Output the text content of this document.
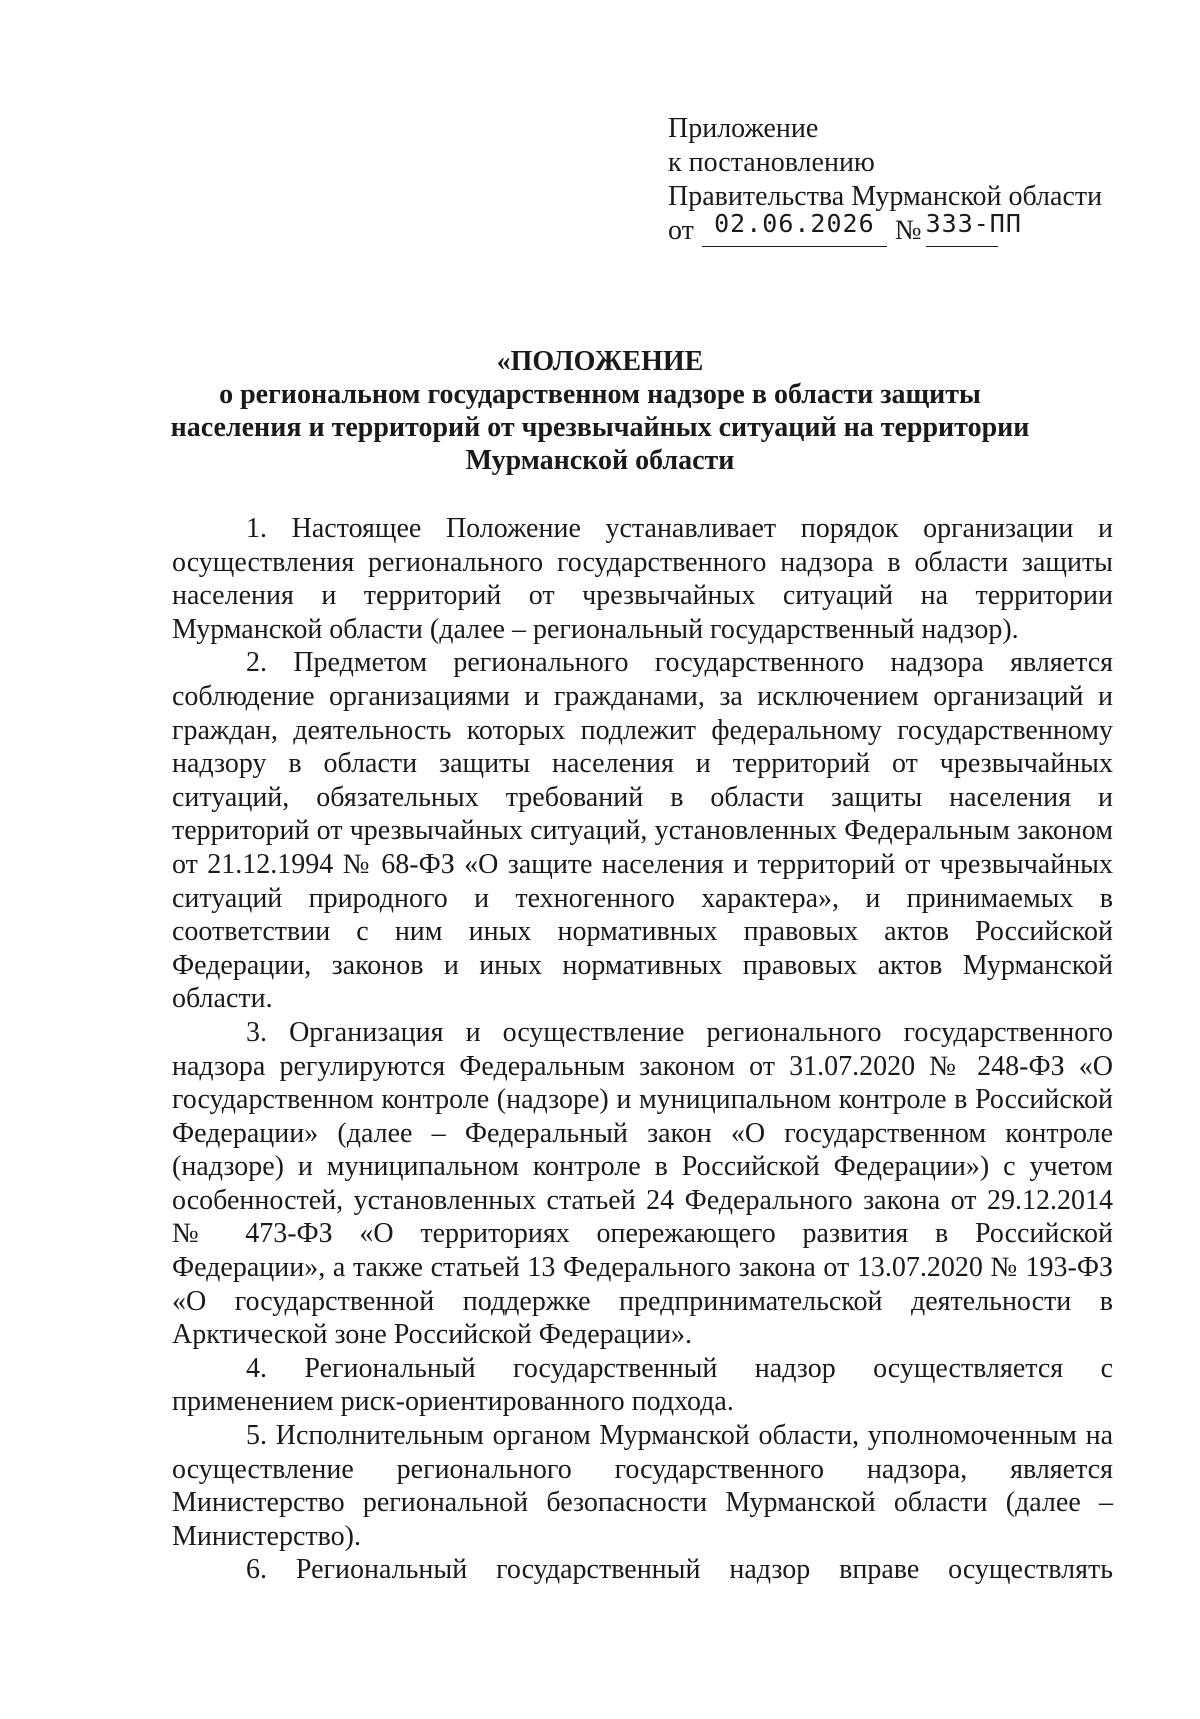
Приложение
к постановлению
Правительства Мурманской области
от 02.06.2026 № 333-ПП
«ПОЛОЖЕНИЕ
о региональном государственном надзоре в области защиты
населения и территорий от чрезвычайных ситуаций на территории
Мурманской области

1. Настоящее Положение устанавливает порядок организации и осуществления регионального государственного надзора в области защиты населения и территорий от чрезвычайных ситуаций на территории Мурманской области (далее – региональный государственный надзор).

2. Предметом регионального государственного надзора является соблюдение организациями и гражданами, за исключением организаций и граждан, деятельность которых подлежит федеральному государственному надзору в области защиты населения и территорий от чрезвычайных ситуаций, обязательных требований в области защиты населения и территорий от чрезвычайных ситуаций, установленных Федеральным законом от 21.12.1994 № 68-ФЗ «О защите населения и территорий от чрезвычайных ситуаций природного и техногенного характера», и принимаемых в соответствии с ним иных нормативных правовых актов Российской Федерации, законов и иных нормативных правовых актов Мурманской области.

3. Организация и осуществление регионального государственного надзора регулируются Федеральным законом от 31.07.2020 № 248-ФЗ «О государственном контроле (надзоре) и муниципальном контроле в Российской Федерации» (далее – Федеральный закон «О государственном контроле (надзоре) и муниципальном контроле в Российской Федерации») с учетом особенностей, установленных статьей 24 Федерального закона от 29.12.2014 № 473-ФЗ «О территориях опережающего развития в Российской Федерации», а также статьей 13 Федерального закона от 13.07.2020 № 193-ФЗ «О государственной поддержке предпринимательской деятельности в Арктической зоне Российской Федерации».

4. Региональный государственный надзор осуществляется с применением риск-ориентированного подхода.

5. Исполнительным органом Мурманской области, уполномоченным на осуществление регионального государственного надзора, является Министерство региональной безопасности Мурманской области (далее – Министерство).

6. Региональный государственный надзор вправе осуществлять
